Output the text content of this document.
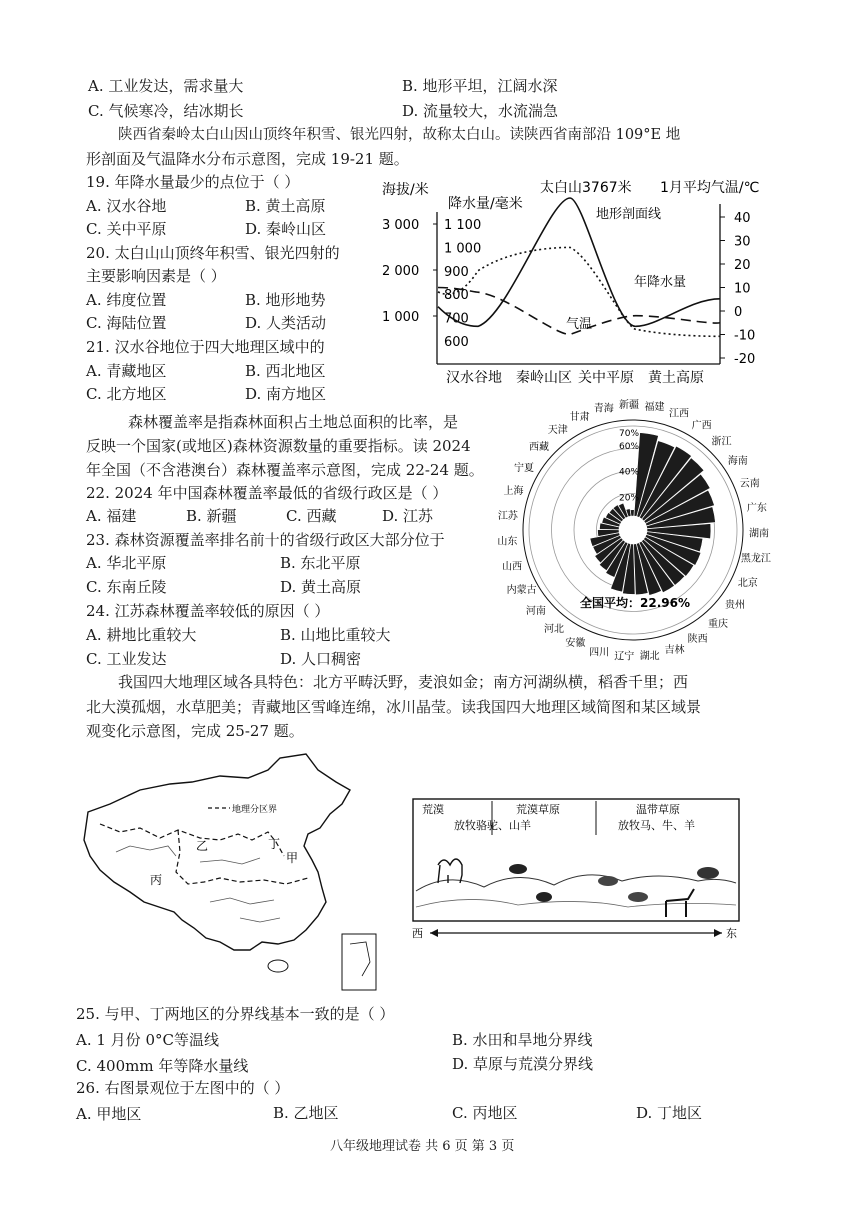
A. 工业发达，需求量大	B. 地形平坦，江阔水深
C. 气候寒冷，结冰期长	D. 流量较大，水流湍急
陕西省秦岭太白山因山顶终年积雪、银光四射，故称太白山。读陕西省南部沿 109°E 地
形剖面及气温降水分布示意图，完成 19-21 题。
19. 年降水量最少的点位于（ ）
A. 汉水谷地	B. 黄土高原
C. 关中平原	D. 秦岭山区
20. 太白山山顶终年积雪、银光四射的
主要影响因素是（ ）
A. 纬度位置	B. 地形地势
C. 海陆位置	D. 人类活动
21. 汉水谷地位于四大地理区域中的
A. 青藏地区	B. 西北地区
C. 北方地区	D. 南方地区
海拔/米
降水量/毫米
太白山3767米 1月平均气温/℃
3 000
2 000
1 000
1 100
1 000
900
800
700
600
40
30
20
10
0
-10
-20
地形剖面线
年降水量
气温
汉水谷地 秦岭山区 关中平原 黄土高原
森林覆盖率是指森林面积占土地总面积的比率，是
反映一个国家(或地区)森林资源数量的重要指标。读 2024
年全国（不含港澳台）森林覆盖率示意图，完成 22-24 题。
22. 2024 年中国森林覆盖率最低的省级行政区是（ ）
A. 福建	B. 新疆	C. 西藏	D. 江苏
23. 森林资源覆盖率排名前十的省级行政区大部分位于
A. 华北平原	B. 东北平原
C. 东南丘陵	D. 黄土高原
24. 江苏森林覆盖率较低的原因（ ）
A. 耕地比重较大	B. 山地比重较大
C. 工业发达	D. 人口稠密
福建
江西
广西
浙江
海南
云南
广东
湖南
黑龙江
北京
贵州
重庆
陕西
吉林
湖北
辽宁
四川
安徽
河北
河南
内蒙古
山西
山东
江苏
上海
宁夏
西藏
天津
甘肃
青海 新疆
70%
60%
40%
20%
全国平均：22.96%
我国四大地理区域各具特色：北方平畴沃野，麦浪如金；南方河湖纵横，稻香千里；西
北大漠孤烟，水草肥美；青藏地区雪峰连绵，冰川晶莹。读我国四大地理区域简图和某区域景
观变化示意图，完成 25-27 题。
地理分区界
甲
乙
丙
丁
荒漠	荒漠草原	温带草原
放牧骆驼、山羊	放牧马、牛、羊
西	东
25. 与甲、丁两地区的分界线基本一致的是（ ）
A. 1 月份 0°C等温线	B. 水田和旱地分界线
C. 400mm 年等降水量线	D. 草原与荒漠分界线
26. 右图景观位于左图中的（ ）
A. 甲地区	B. 乙地区	C. 丙地区	D. 丁地区
八年级地理试卷 共 6 页 第 3 页
